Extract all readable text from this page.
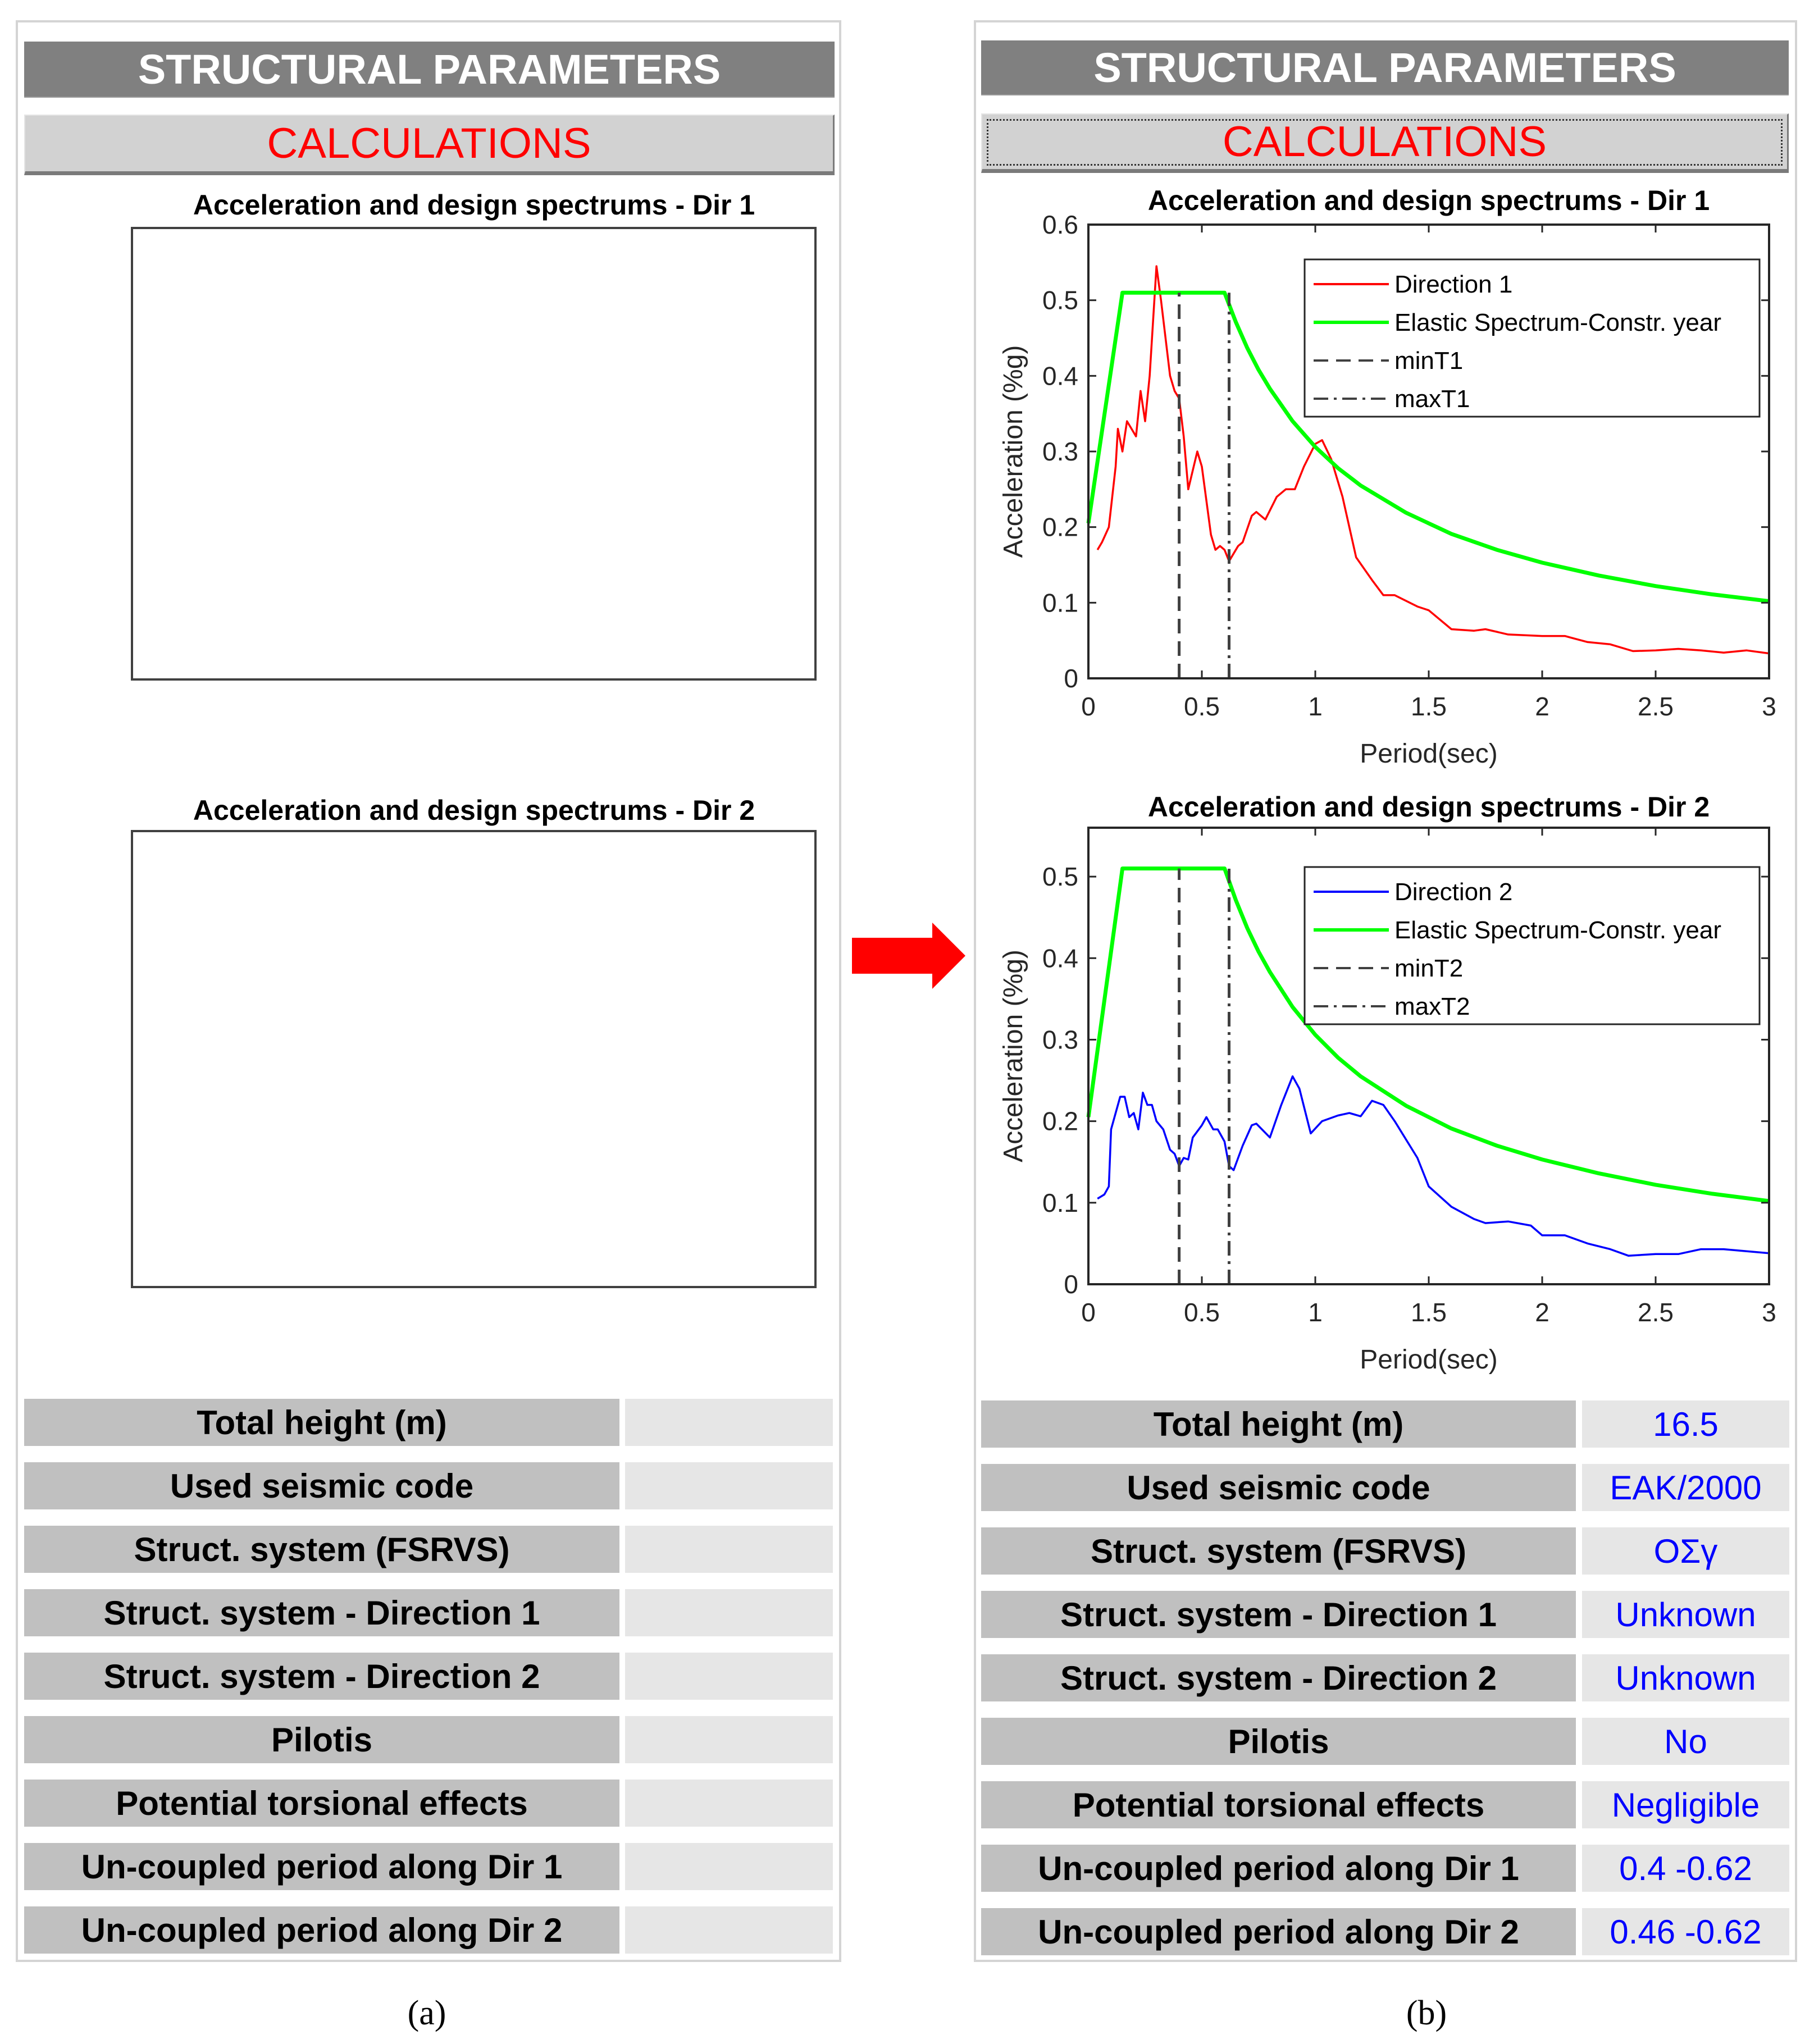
STRUCTURAL PARAMETERS
CALCULATIONS
Acceleration and design spectrums - Dir 1
Acceleration and design spectrums - Dir 2
Total height (m)
Used seismic code
Struct. system (FSRVS)
Struct. system - Direction 1
Struct. system - Direction 2
Pilotis
Potential torsional effects
Un-coupled period along Dir 1
Un-coupled period along Dir 2
(a)
STRUCTURAL PARAMETERS
CALCULATIONS
Acceleration and design spectrums - Dir 1
0	0.5	1	1.5	2	2.5	3
0
0.1
0.2
0.3
0.4
0.5
0.6
Period(sec)
Acceleration (%g)
Direction 1
Elastic Spectrum-Constr. year
minT1
maxT1
Acceleration and design spectrums - Dir 2
0	0.5	1	1.5	2	2.5	3
0
0.1
0.2
0.3
0.4
0.5
Period(sec)
Acceleration (%g)
Direction 2
Elastic Spectrum-Constr. year
minT2
maxT2
Total height (m)	16.5
Used seismic code	EAK/2000
Struct. system (FSRVS)	ΟΣγ
Struct. system - Direction 1	Unknown
Struct. system - Direction 2	Unknown
Pilotis	No
Potential torsional effects	Negligible
Un-coupled period along Dir 1	0.4 -0.62
Un-coupled period along Dir 2	0.46 -0.62
(b)
